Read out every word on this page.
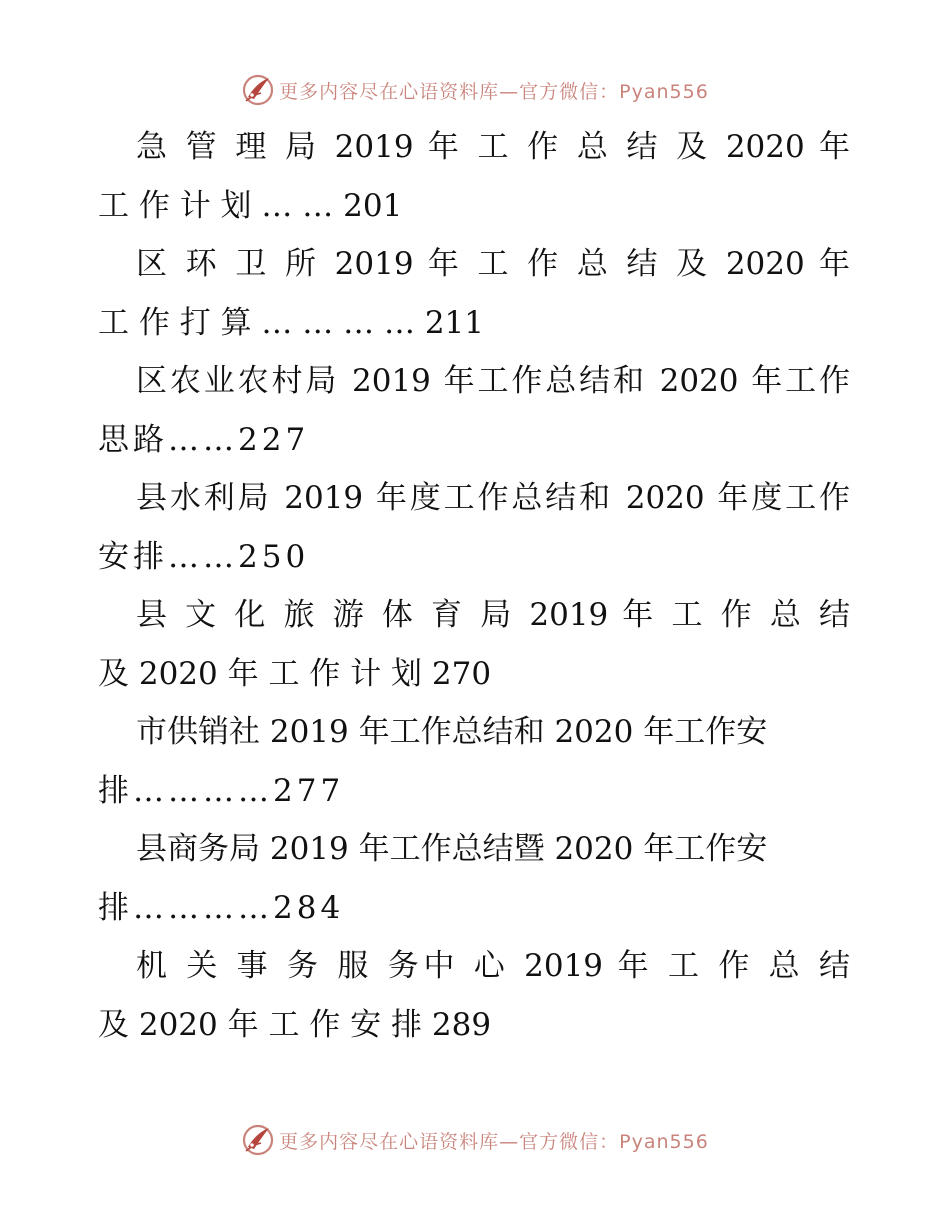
更多内容尽在心语资料库—官方微信：Pyan556
急 管 理 局 2019 年 工 作 总 结 及 2020 年
工 作 计 划 … … 201
区 环 卫 所 2019 年 工 作 总 结 及 2020 年
工 作 打 算 … … … … 211
区农业农村局 2019 年工作总结和 2020 年工作
思路……227
县水利局 2019 年度工作总结和 2020 年度工作
安排……250
县 文 化 旅 游 体 育 局 2019 年 工 作 总 结
及 2020 年 工 作 计 划 270
市供销社 2019 年工作总结和 2020 年工作安
排…………277
县商务局 2019 年工作总结暨 2020 年工作安
排…………284
机 关 事 务 服 务中 心 2019 年 工 作 总 结
及 2020 年 工 作 安 排 289
更多内容尽在心语资料库—官方微信：Pyan556
